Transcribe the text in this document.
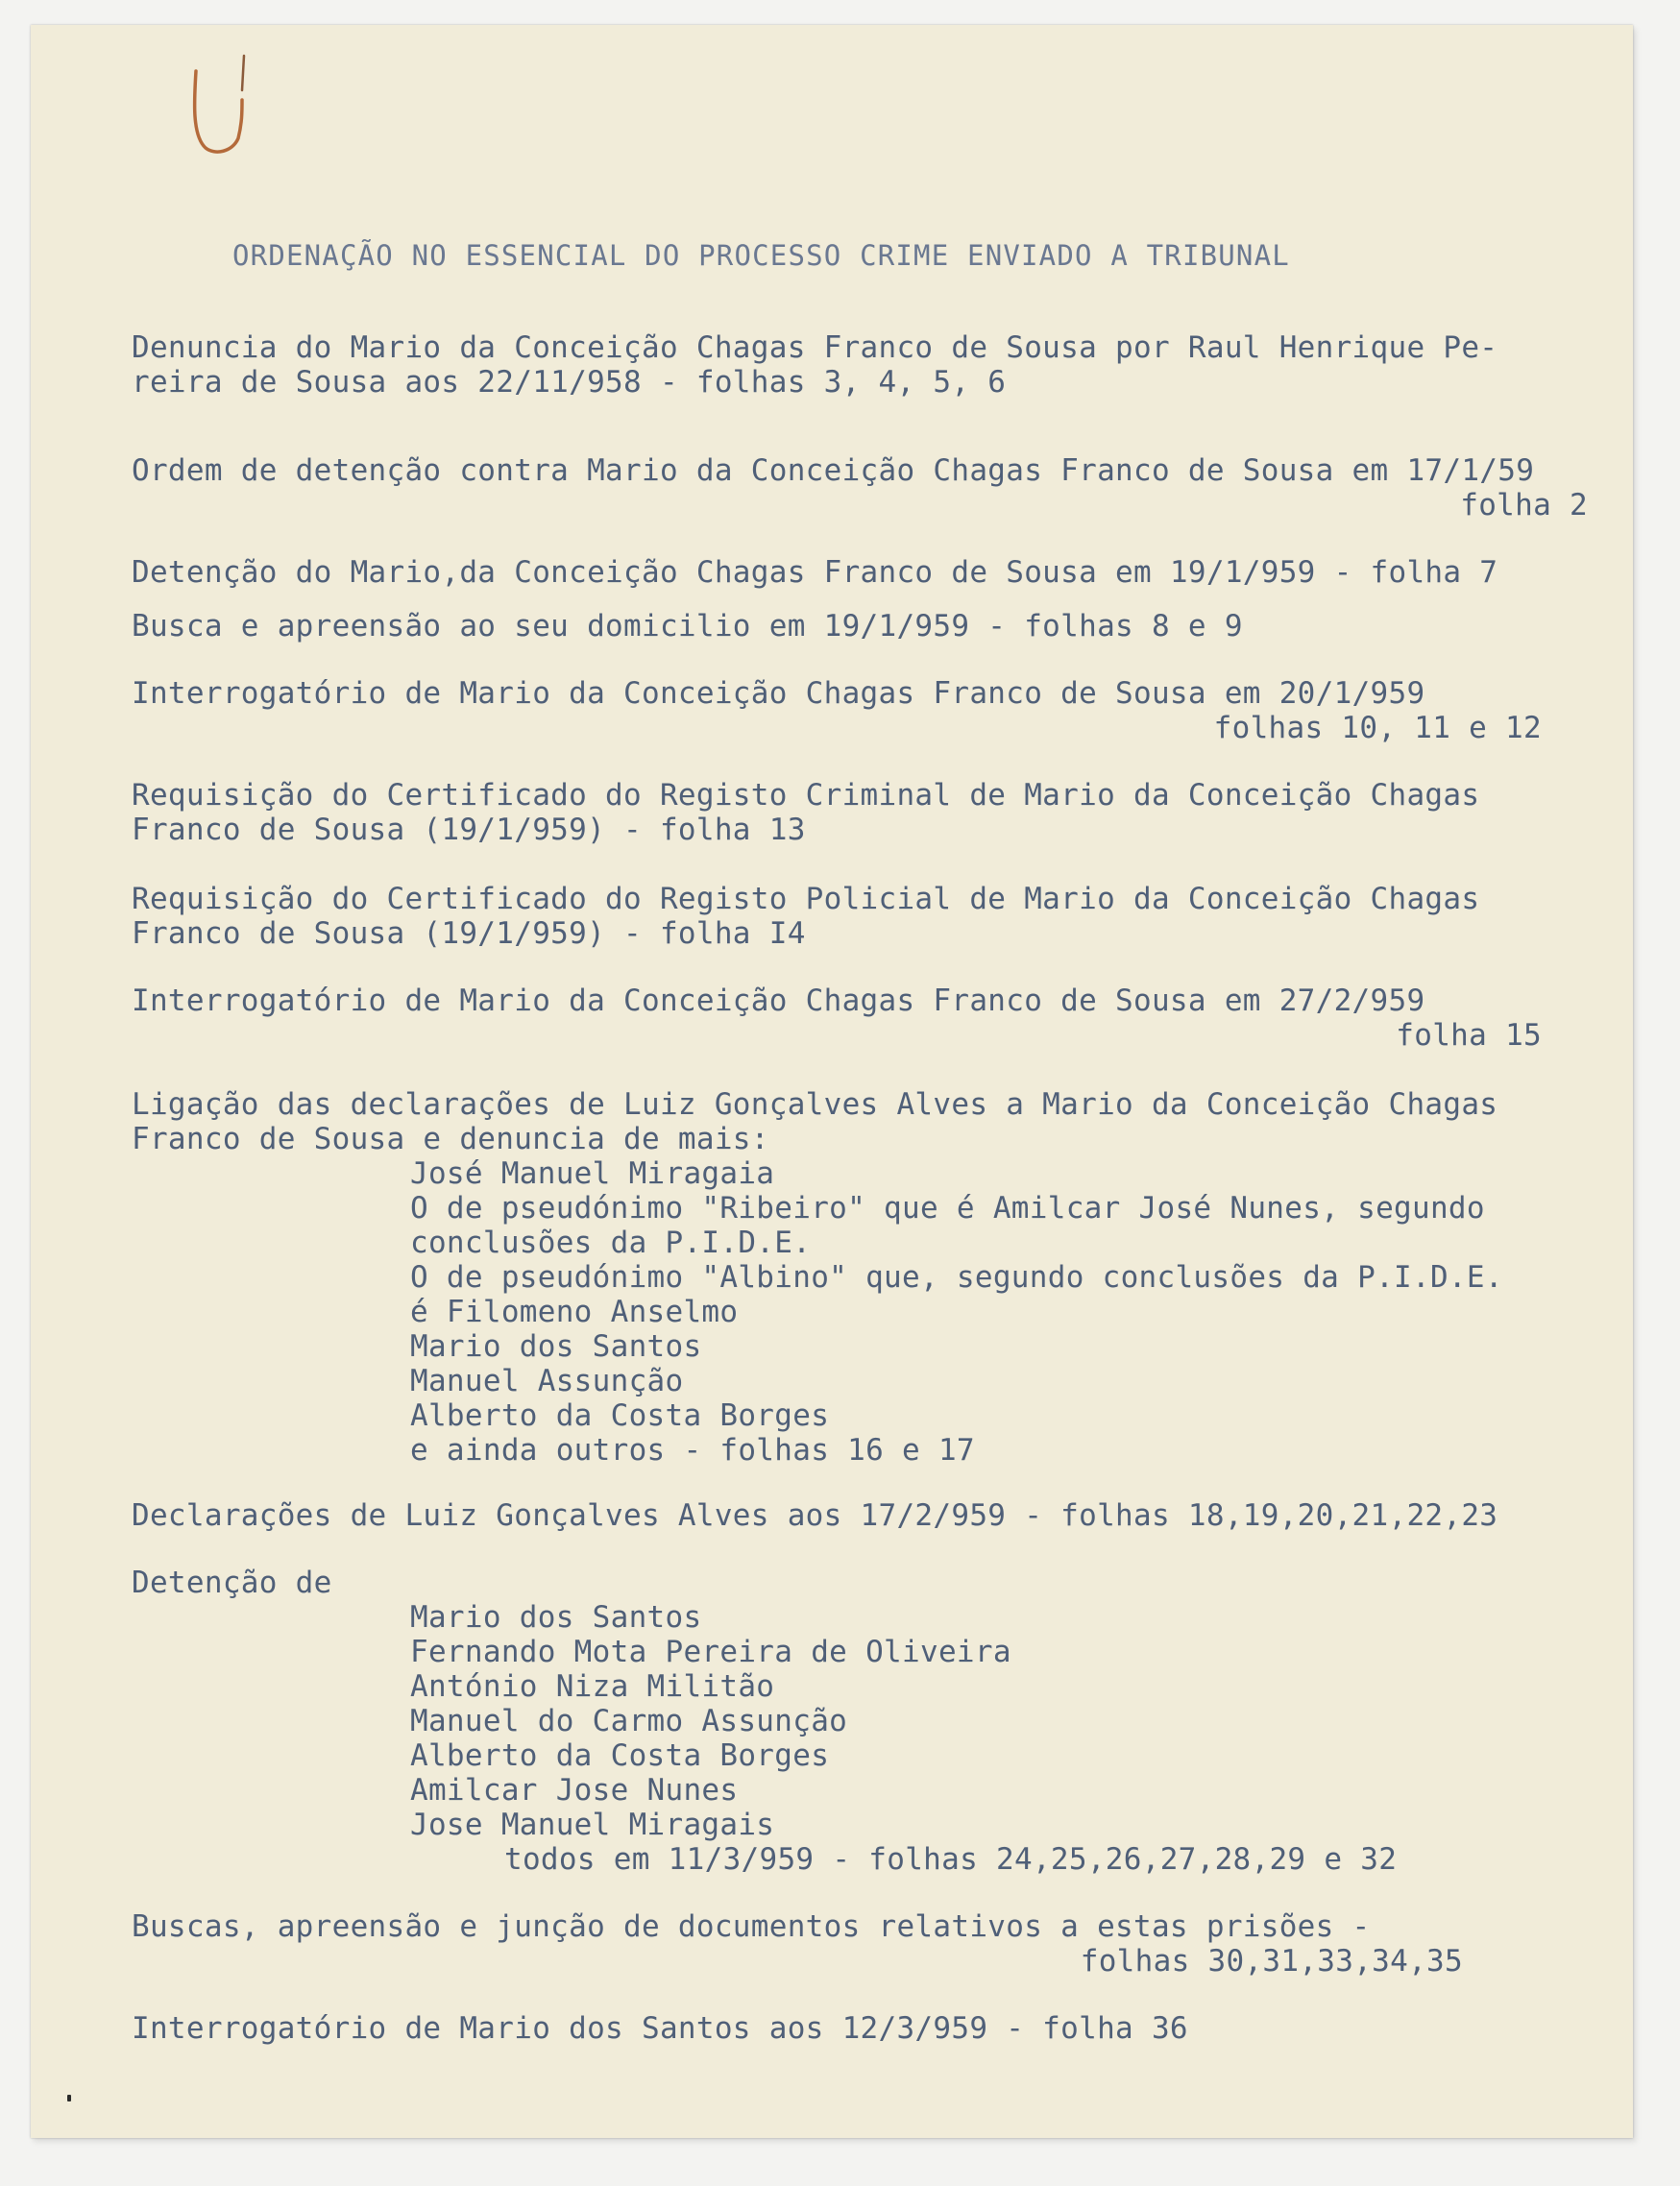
ORDENAÇÃO NO ESSENCIAL DO PROCESSO CRIME ENVIADO A TRIBUNAL
Denuncia do Mario da Conceição Chagas Franco de Sousa por Raul Henrique Pe-
reira de Sousa aos 22/11/958 - folhas 3, 4, 5, 6
Ordem de detenção contra Mario da Conceição Chagas Franco de Sousa em 17/1/59
folha 2
Detenção do Mario,da Conceição Chagas Franco de Sousa em 19/1/959 - folha 7
Busca e apreensão ao seu domicilio em 19/1/959 - folhas 8 e 9
Interrogatório de Mario da Conceição Chagas Franco de Sousa em 20/1/959
folhas 10, 11 e 12
Requisição do Certificado do Registo Criminal de Mario da Conceição Chagas
Franco de Sousa (19/1/959) - folha 13
Requisição do Certificado do Registo Policial de Mario da Conceição Chagas
Franco de Sousa (19/1/959) - folha I4
Interrogatório de Mario da Conceição Chagas Franco de Sousa em 27/2/959
folha 15
Ligação das declarações de Luiz Gonçalves Alves a Mario da Conceição Chagas
Franco de Sousa e denuncia de mais:
José Manuel Miragaia
O de pseudónimo "Ribeiro" que é Amilcar José Nunes, segundo
conclusões da P.I.D.E.
O de pseudónimo "Albino" que, segundo conclusões da P.I.D.E.
é Filomeno Anselmo
Mario dos Santos
Manuel Assunção
Alberto da Costa Borges
e ainda outros - folhas 16 e 17
Declarações de Luiz Gonçalves Alves aos 17/2/959 - folhas 18,19,20,21,22,23
Detenção de
Mario dos Santos
Fernando Mota Pereira de Oliveira
António Niza Militão
Manuel do Carmo Assunção
Alberto da Costa Borges
Amilcar Jose Nunes
Jose Manuel Miragais
todos em 11/3/959 - folhas 24,25,26,27,28,29 e 32
Buscas, apreensão e junção de documentos relativos a estas prisões -
folhas 30,31,33,34,35
Interrogatório de Mario dos Santos aos 12/3/959 - folha 36
